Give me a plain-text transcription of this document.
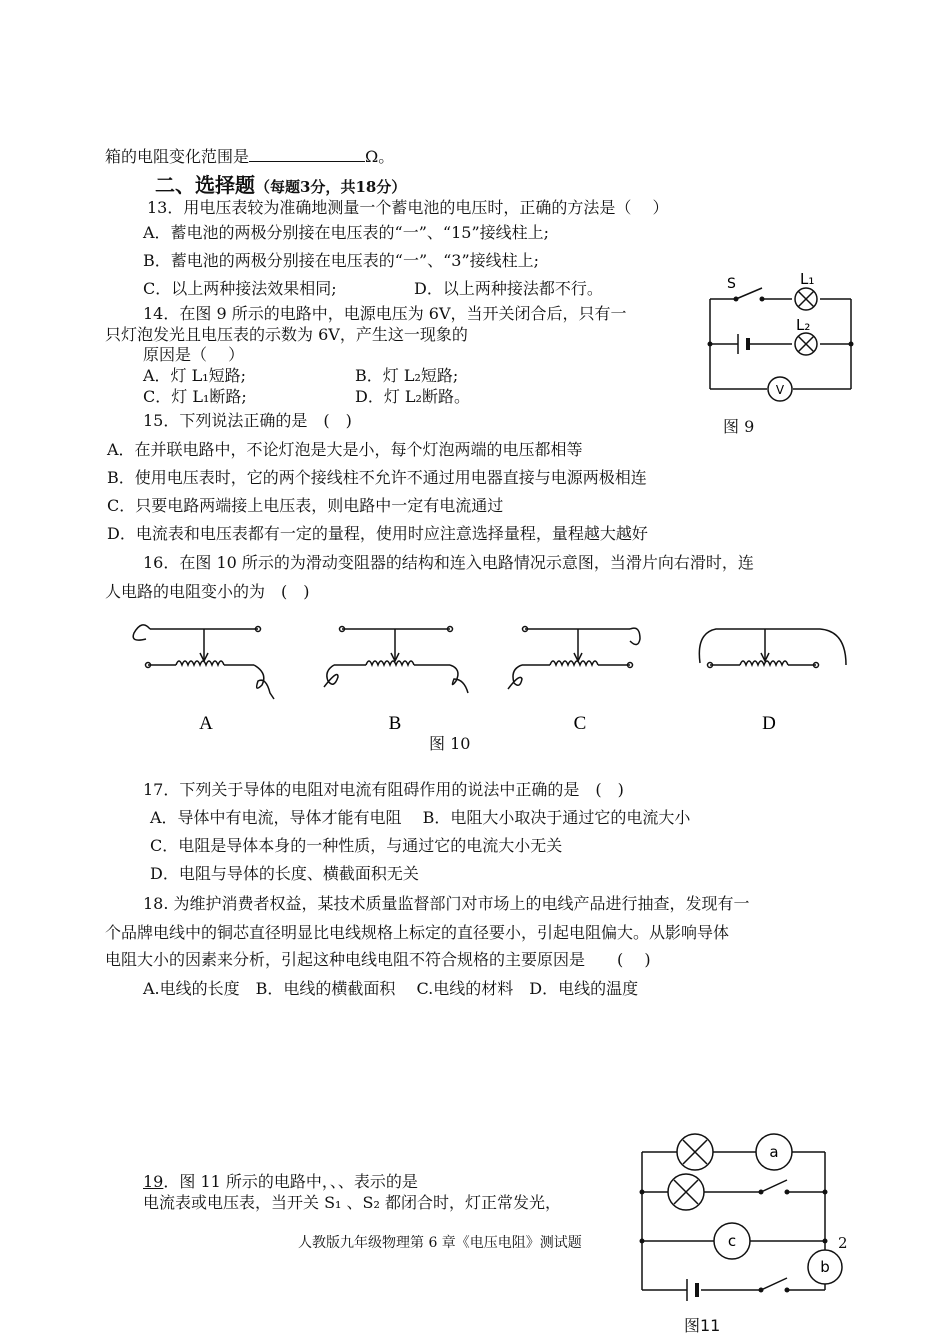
箱的电阻变化范围是	Ω。
二、选择题（每题3分，共18分）
13．用电压表较为准确地测量一个蓄电池的电压时，正确的方法是（　 ）
A．蓄电池的两极分别接在电压表的“一”、“15”接线柱上;
B．蓄电池的两极分别接在电压表的“一”、“3”接线柱上;
C．以上两种接法效果相同;	D．以上两种接法都不行。
14．在图 9 所示的电路中，电源电压为 6V，当开关闭合后，只有一
只灯泡发光且电压表的示数为 6V，产生这一现象的
原因是（　 ）
A．灯 L₁短路;	B．灯 L₂短路;
C．灯 L₁断路;	D．灯 L₂断路。
S	L₁
L₂
V
图 9
15．下列说法正确的是　(　)
A．在并联电路中，不论灯泡是大是小，每个灯泡两端的电压都相等
B．使用电压表时，它的两个接线柱不允许不通过用电器直接与电源两极相连
C．只要电路两端接上电压表，则电路中一定有电流通过
D．电流表和电压表都有一定的量程，使用时应注意选择量程，量程越大越好
16．在图 10 所示的为滑动变阻器的结构和连入电路情况示意图，当滑片向右滑时，连
人电路的电阻变小的为　(　)
A	B	C	D
图 10
17．下列关于导体的电阻对电流有阻碍作用的说法中正确的是　(　)
A．导体中有电流，导体才能有电阻　 B．电阻大小取决于通过它的电流大小
C．电阻是导体本身的一种性质，与通过它的电流大小无关
D．电阻与导体的长度、横截面积无关
18. 为维护消费者权益，某技术质量监督部门对市场上的电线产品进行抽查，发现有一
个品牌电线中的铜芯直径明显比电线规格上标定的直径要小，引起电阻偏大。从影响导体
电阻大小的因素来分析，引起这种电线电阻不符合规格的主要原因是　　(　 )
A.电线的长度　B．电线的横截面积　 C.电线的材料　D．电线的温度
19．图 11 所示的电路中，、、表示的是
电流表或电压表，当开关 S₁ 、S₂ 都闭合时，灯正常发光，
a
b
c
图11
人教版九年级物理第 6 章《电压电阻》测试题	2
